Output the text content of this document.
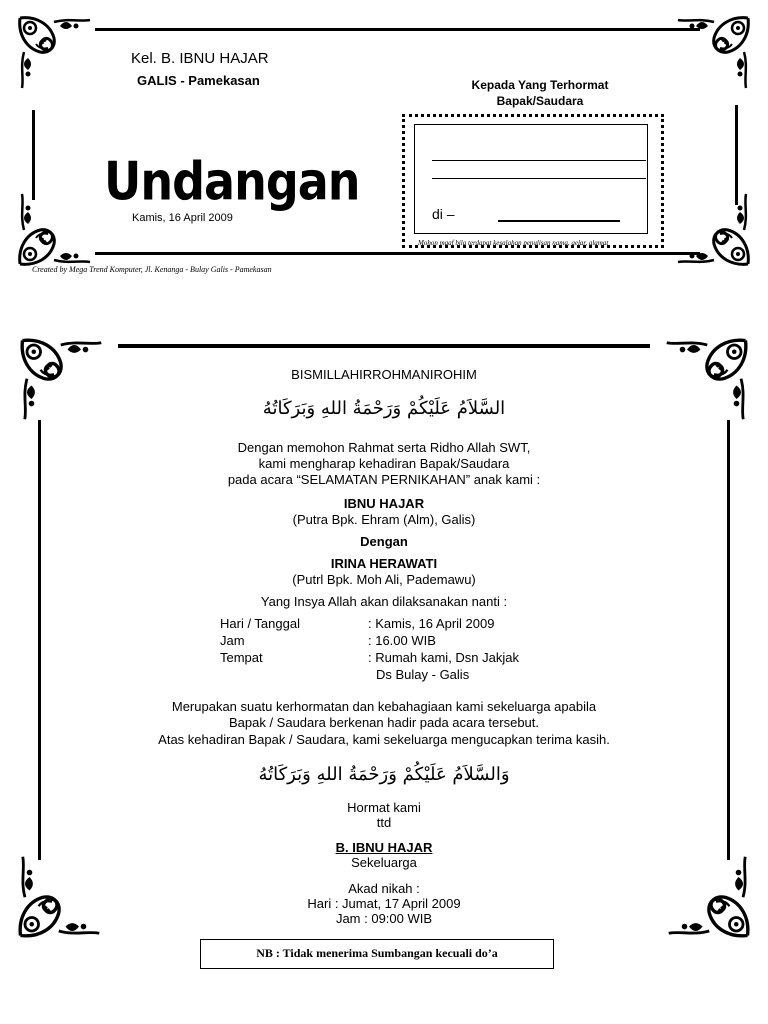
Kel. B. IBNU HAJAR
GALIS - Pamekasan
Undangan
Kamis, 16 April 2009
Kepada Yang Terhormat
Bapak/Saudara
di –
Mohon maaf bila terdapat kesalahan penulisan nama, gelar, alamat
Created by Mega Trend Komputer, Jl. Kenanga - Bulay Galis - Pamekasan
BISMILLAHIRROHMANIROHIM
السَّلاَمُ عَلَيْكُمْ وَرَحْمَةُ اللهِ وَبَرَكَاتُهُ
Dengan memohon Rahmat serta Ridho Allah SWT,
kami mengharap kehadiran Bapak/Saudara
pada acara “SELAMATAN PERNIKAHAN” anak kami :
IBNU HAJAR
(Putra Bpk. Ehram (Alm), Galis)
Dengan
IRINA HERAWATI
(Putrl Bpk. Moh Ali, Pademawu)
Yang Insya Allah akan dilaksanakan nanti :
Hari / Tanggal	: Kamis, 16 April 2009
Jam	: 16.00 WIB
Tempat	: Rumah kami, Dsn Jakjak
Ds Bulay - Galis
Merupakan suatu kerhormatan dan kebahagiaan kami sekeluarga apabila
Bapak / Saudara berkenan hadir pada acara tersebut.
Atas kehadiran Bapak / Saudara, kami sekeluarga mengucapkan terima kasih.
وَالسَّلاَمُ عَلَيْكُمْ وَرَحْمَةُ اللهِ وَبَرَكَاتُهُ
Hormat kami
ttd
B. IBNU HAJAR
Sekeluarga
Akad nikah :
Hari : Jumat, 17 April 2009
Jam : 09:00 WIB
NB : Tidak menerima Sumbangan kecuali do’a
